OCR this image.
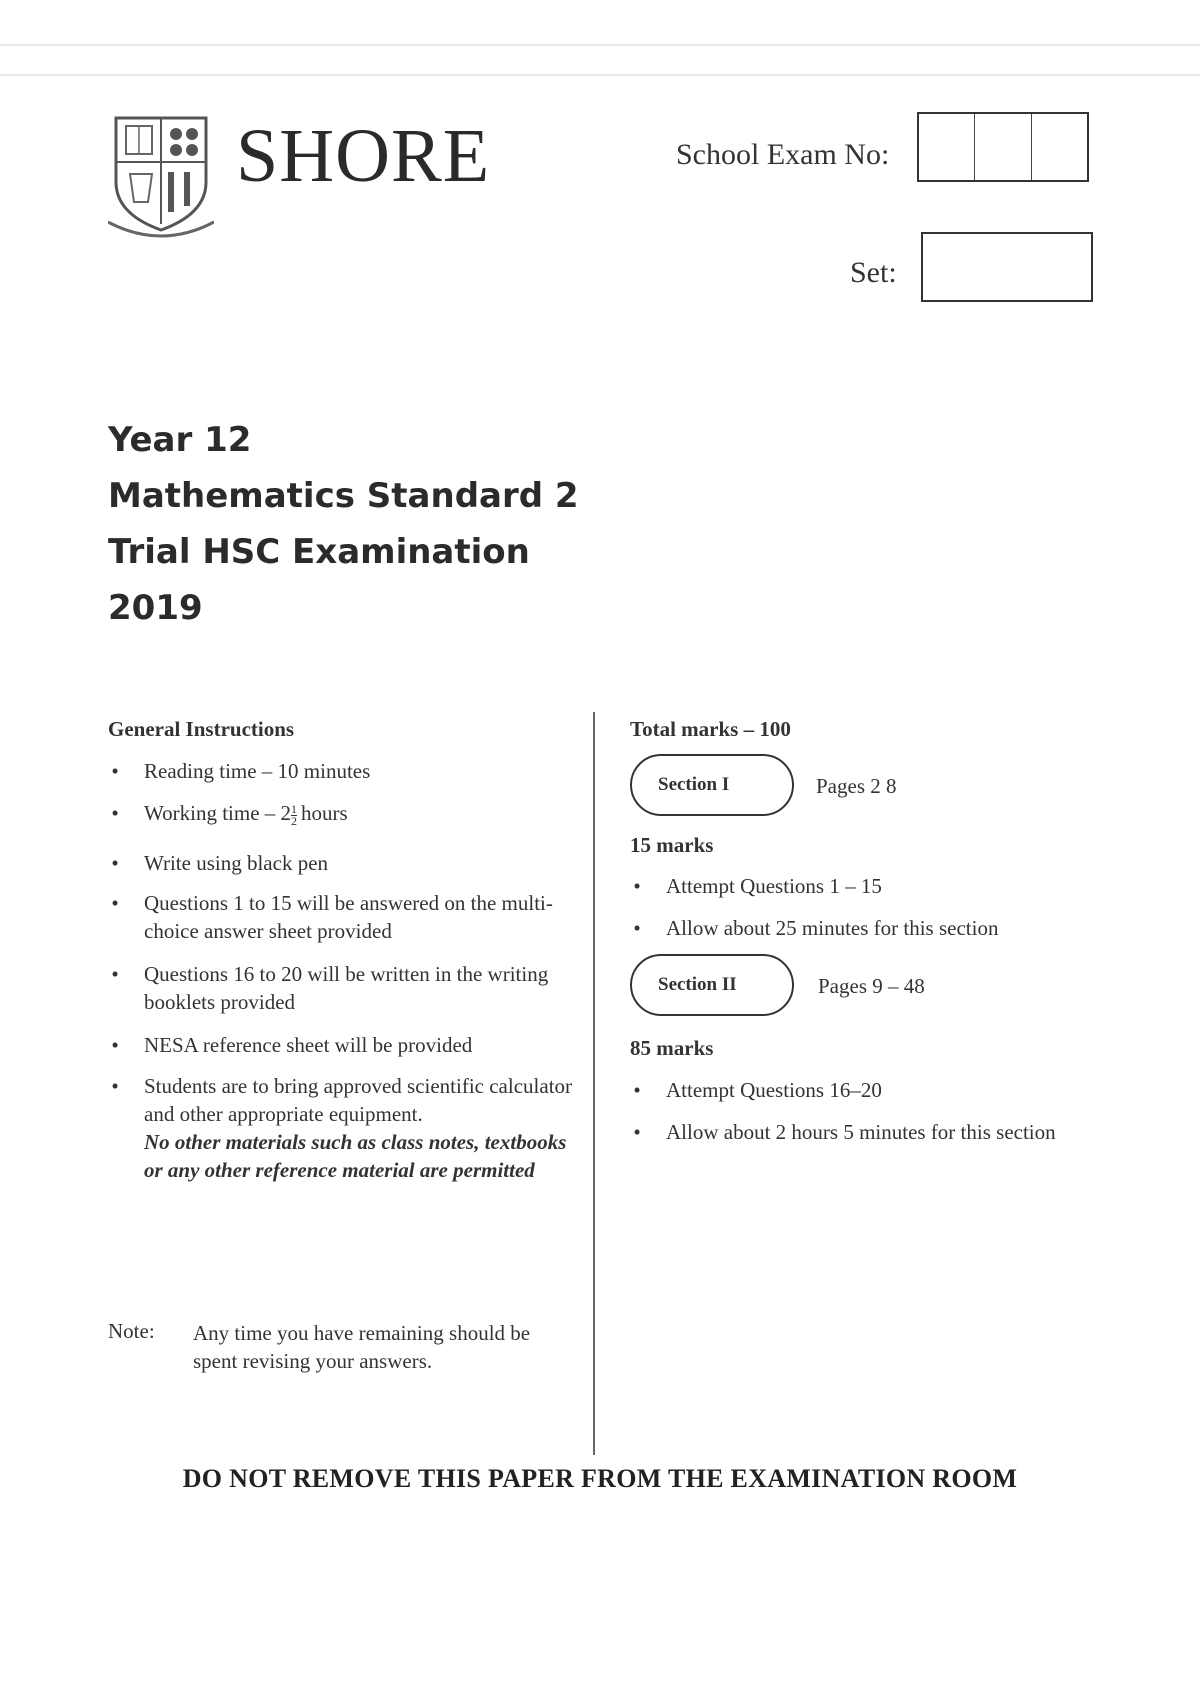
SHORE	School Exam No:
Set:
Year 12
Mathematics Standard 2
Trial HSC Examination
2019
General Instructions
• Reading time – 10 minutes
• Working time – $2 \frac{1}{2}$ hours
• Write using black pen
• Questions 1 to 15 will be answered on the multi-choice answer sheet provided
• Questions 16 to 20 will be written in the writing booklets provided
• NESA reference sheet will be provided
• Students are to bring approved scientific calculator and other appropriate equipment.
No other materials such as class notes, textbooks or any other reference material are permitted
Note: Any time you have remaining should be spent revising your answers.
Total marks – 100
Section I	Pages 2 8
15 marks
• Attempt Questions 1 – 15
• Allow about 25 minutes for this section
Section II	Pages 9 – 48
85 marks
• Attempt Questions 16–20
• Allow about 2 hours 5 minutes for this section
DO NOT REMOVE THIS PAPER FROM THE EXAMINATION ROOM
